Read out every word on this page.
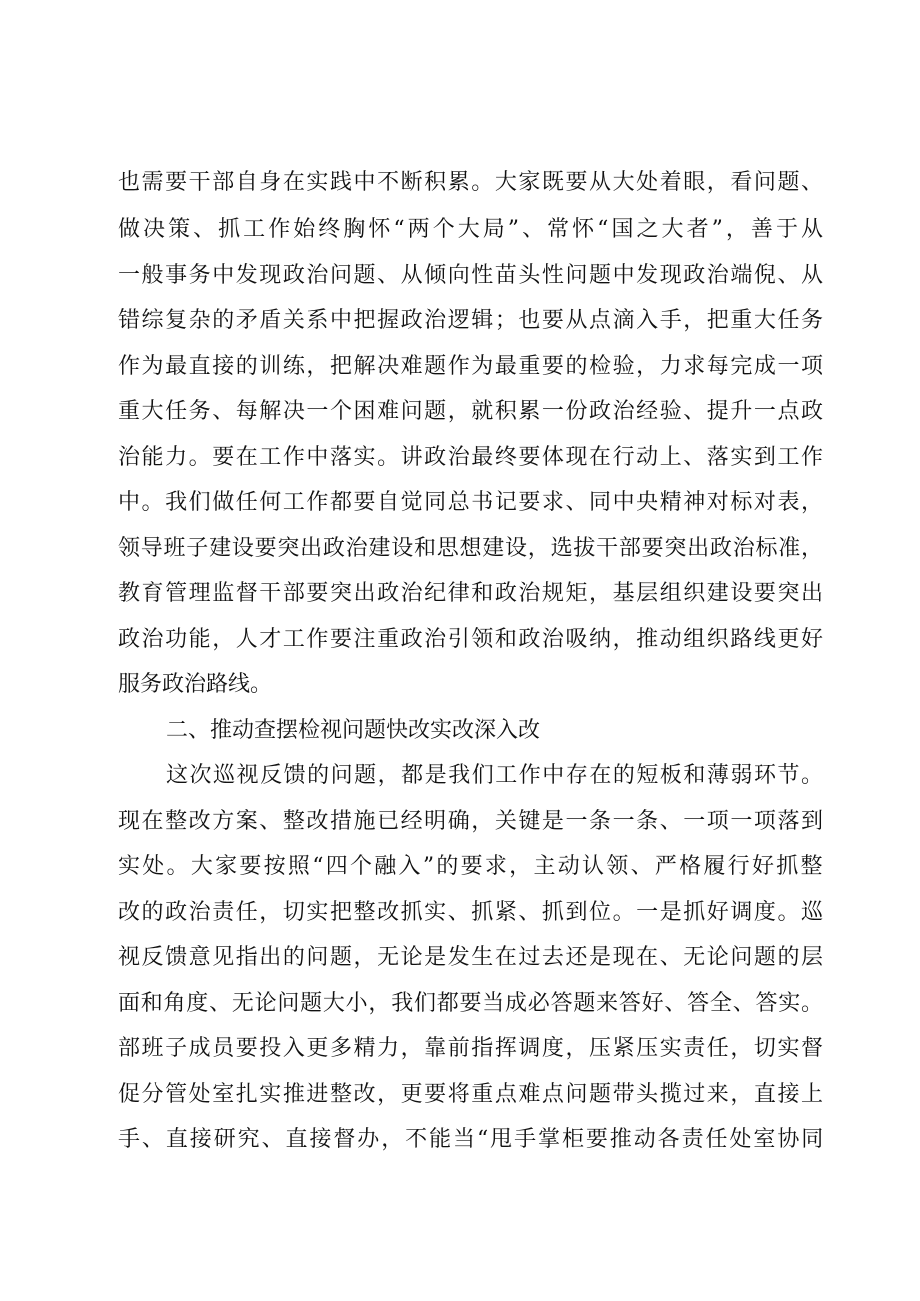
也需要干部自身在实践中不断积累。大家既要从大处着眼，看问题、
做决策、抓工作始终胸怀“两个大局”、常怀“国之大者”，善于从
一般事务中发现政治问题、从倾向性苗头性问题中发现政治端倪、从
错综复杂的矛盾关系中把握政治逻辑；也要从点滴入手，把重大任务
作为最直接的训练，把解决难题作为最重要的检验，力求每完成一项
重大任务、每解决一个困难问题，就积累一份政治经验、提升一点政
治能力。要在工作中落实。讲政治最终要体现在行动上、落实到工作
中。我们做任何工作都要自觉同总书记要求、同中央精神对标对表，
领导班子建设要突出政治建设和思想建设，选拔干部要突出政治标准，
教育管理监督干部要突出政治纪律和政治规矩，基层组织建设要突出
政治功能，人才工作要注重政治引领和政治吸纳，推动组织路线更好
服务政治路线。
二、推动查摆检视问题快改实改深入改
这次巡视反馈的问题，都是我们工作中存在的短板和薄弱环节。
现在整改方案、整改措施已经明确，关键是一条一条、一项一项落到
实处。大家要按照“四个融入”的要求，主动认领、严格履行好抓整
改的政治责任，切实把整改抓实、抓紧、抓到位。一是抓好调度。巡
视反馈意见指出的问题，无论是发生在过去还是现在、无论问题的层
面和角度、无论问题大小，我们都要当成必答题来答好、答全、答实。
部班子成员要投入更多精力，靠前指挥调度，压紧压实责任，切实督
促分管处室扎实推进整改，更要将重点难点问题带头揽过来，直接上
手、直接研究、直接督办，不能当“甩手掌柜要推动各责任处室协同
